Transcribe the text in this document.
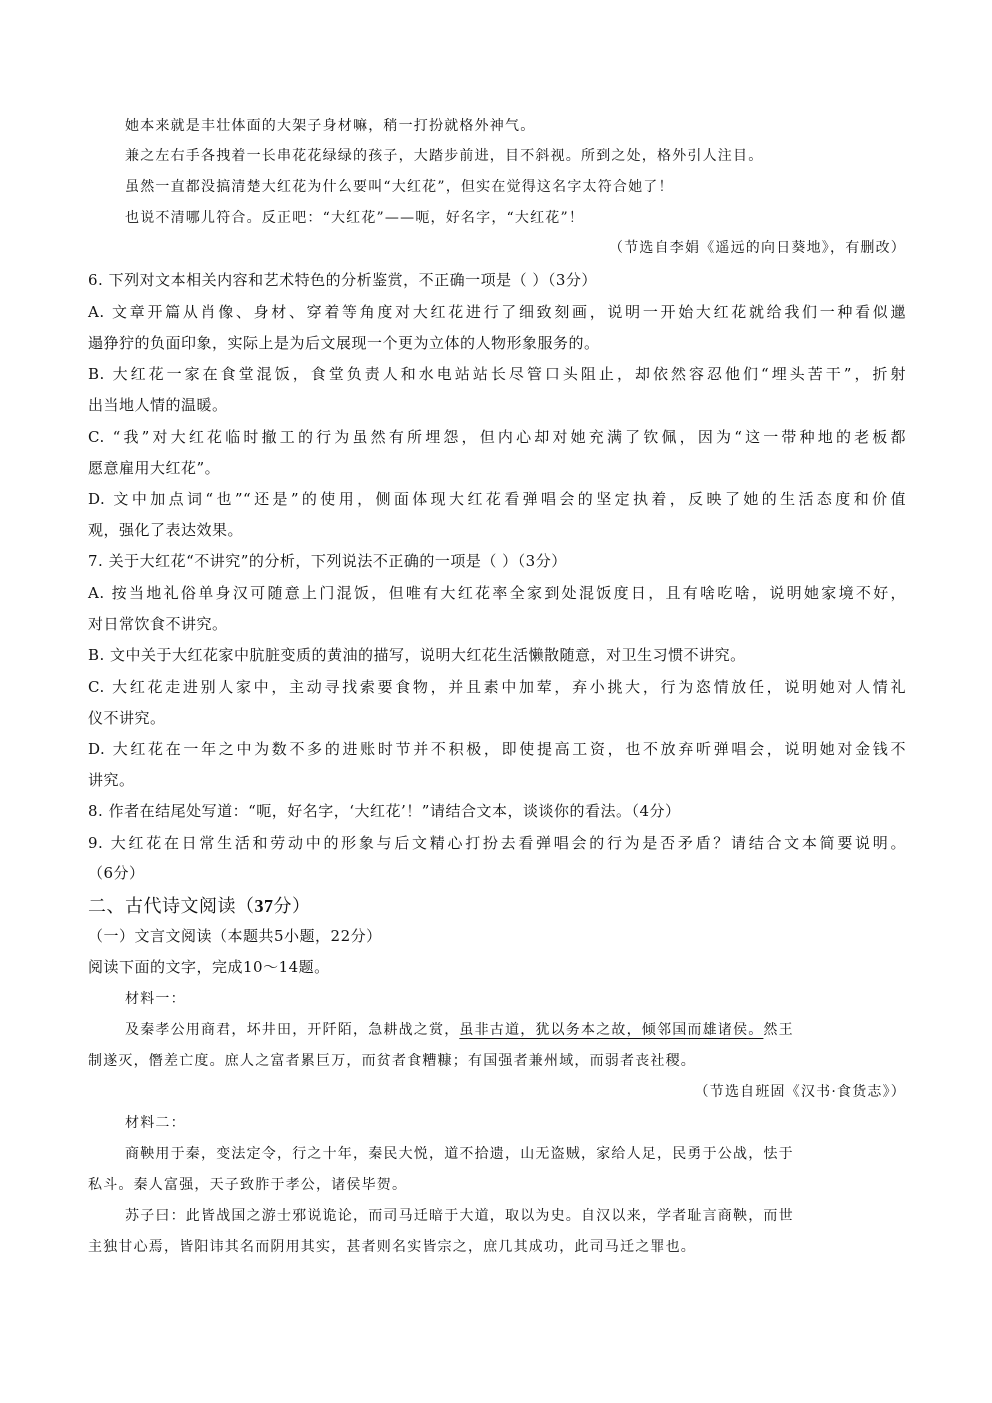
她本来就是丰壮体面的大架子身材嘛，稍一打扮就格外神气。
兼之左右手各拽着一长串花花绿绿的孩子，大踏步前进，目不斜视。所到之处，格外引人注目。
虽然一直都没搞清楚大红花为什么要叫“大红花”，但实在觉得这名字太符合她了！
也说不清哪儿符合。反正吧：“大红花”——呃，好名字，“大红花”！
（节选自李娟《遥远的向日葵地》，有删改）
6. 下列对文本相关内容和艺术特色的分析鉴赏，不正确一项是（ ）（3分）
A. 文章开篇从肖像、身材、穿着等角度对大红花进行了细致刻画，说明一开始大红花就给我们一种看似邋
遢狰狞的负面印象，实际上是为后文展现一个更为立体的人物形象服务的。
B. 大红花一家在食堂混饭，食堂负责人和水电站站长尽管口头阻止，却依然容忍他们“埋头苦干”，折射
出当地人情的温暖。
C. “我”对大红花临时撤工的行为虽然有所埋怨，但内心却对她充满了钦佩，因为“这一带种地的老板都
愿意雇用大红花”。
D. 文中加点词“也”“还是”的使用，侧面体现大红花看弹唱会的坚定执着，反映了她的生活态度和价值
观，强化了表达效果。
7. 关于大红花“不讲究”的分析，下列说法不正确的一项是（ ）（3分）
A. 按当地礼俗单身汉可随意上门混饭，但唯有大红花率全家到处混饭度日，且有啥吃啥，说明她家境不好，
对日常饮食不讲究。
B. 文中关于大红花家中肮脏变质的黄油的描写，说明大红花生活懒散随意，对卫生习惯不讲究。
C. 大红花走进别人家中，主动寻找索要食物，并且素中加荤，弃小挑大，行为恣情放任，说明她对人情礼
仪不讲究。
D. 大红花在一年之中为数不多的进账时节并不积极，即使提高工资，也不放弃听弹唱会，说明她对金钱不
讲究。
8. 作者在结尾处写道：“呃，好名字，‘大红花’！”请结合文本，谈谈你的看法。（4分）
9. 大红花在日常生活和劳动中的形象与后文精心打扮去看弹唱会的行为是否矛盾？请结合文本简要说明。
（6分）
二、古代诗文阅读（37分）
（一）文言文阅读（本题共5小题，22分）
阅读下面的文字，完成10～14题。
材料一：
及秦孝公用商君，坏井田，开阡陌，急耕战之赏，虽非古道，犹以务本之故，倾邻国而雄诸侯。然王
制遂灭，僭差亡度。庶人之富者累巨万，而贫者食糟糠；有国强者兼州域，而弱者丧社稷。
（节选自班固《汉书·食货志》）
材料二：
商鞅用于秦，变法定令，行之十年，秦民大悦，道不拾遗，山无盗贼，家给人足，民勇于公战，怯于
私斗。秦人富强，天子致胙于孝公，诸侯毕贺。
苏子曰：此皆战国之游士邪说诡论，而司马迁暗于大道，取以为史。自汉以来，学者耻言商鞅，而世
主独甘心焉，皆阳讳其名而阴用其实，甚者则名实皆宗之，庶几其成功，此司马迁之罪也。
